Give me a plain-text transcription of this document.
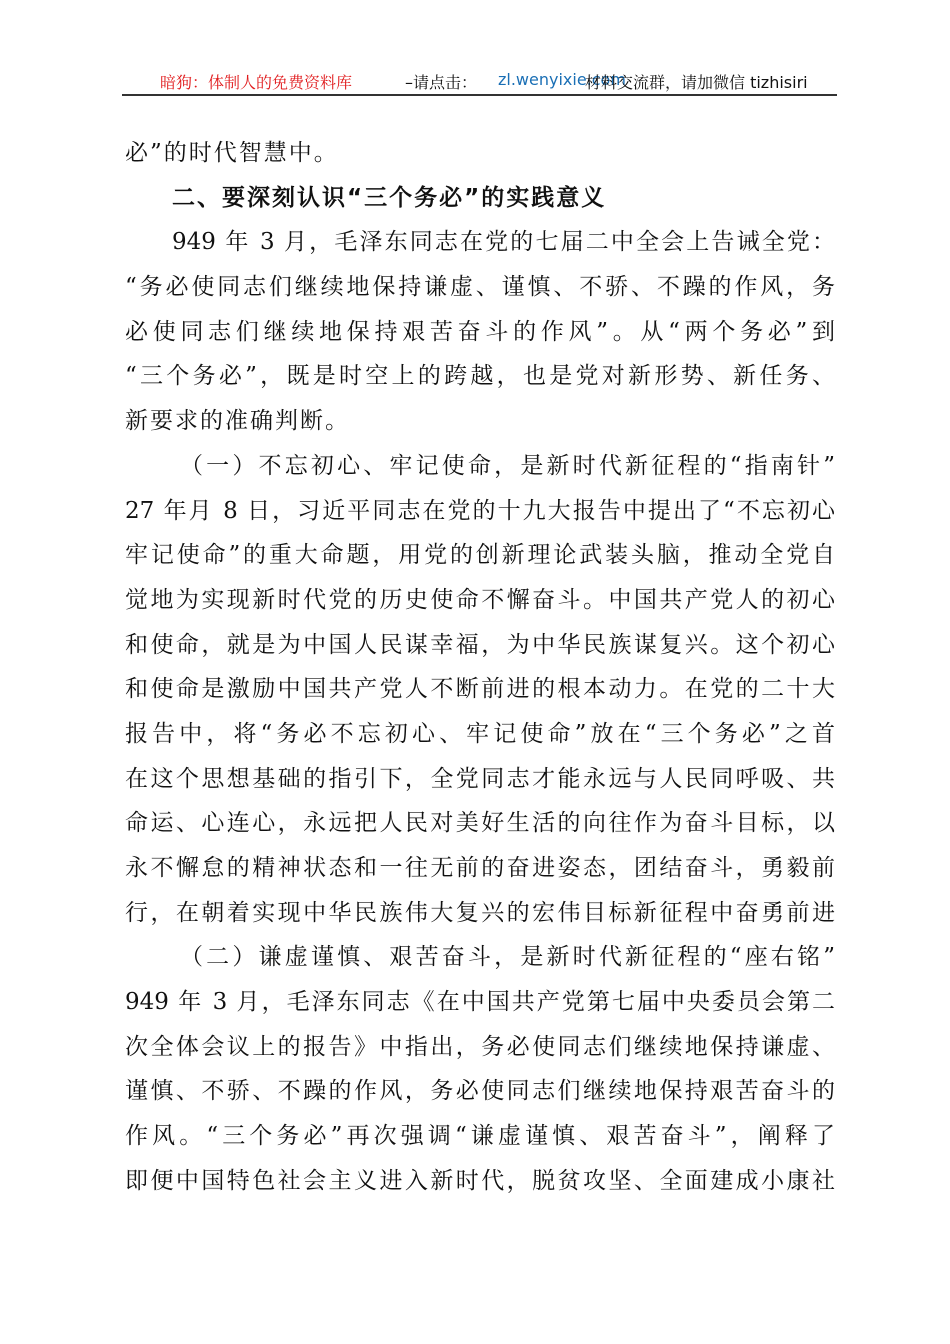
暗狗：体制人的免费资料库	–请点击： zl.wenyixie.com
材料交流群，请加微信 tizhisiri
必”的时代智慧中。
二、要深刻认识“三个务必”的实践意义
949 年 3 月，毛泽东同志在党的七届二中全会上告诫全党：
“务必使同志们继续地保持谦虚、谨慎、不骄、不躁的作风，务
必使同志们继续地保持艰苦奋斗的作风”。从“两个务必”到
“三个务必”，既是时空上的跨越，也是党对新形势、新任务、
新要求的准确判断。
（一）不忘初心、牢记使命，是新时代新征程的“指南针”
27 年月 8 日，习近平同志在党的十九大报告中提出了“不忘初心
牢记使命”的重大命题，用党的创新理论武装头脑，推动全党自
觉地为实现新时代党的历史使命不懈奋斗。中国共产党人的初心
和使命，就是为中国人民谋幸福，为中华民族谋复兴。这个初心
和使命是激励中国共产党人不断前进的根本动力。在党的二十大
报告中，将“务必不忘初心、牢记使命”放在“三个务必”之首
在这个思想基础的指引下，全党同志才能永远与人民同呼吸、共
命运、心连心，永远把人民对美好生活的向往作为奋斗目标，以
永不懈怠的精神状态和一往无前的奋进姿态，团结奋斗，勇毅前
行，在朝着实现中华民族伟大复兴的宏伟目标新征程中奋勇前进
（二）谦虚谨慎、艰苦奋斗，是新时代新征程的“座右铭”
949 年 3 月，毛泽东同志《在中国共产党第七届中央委员会第二
次全体会议上的报告》中指出，务必使同志们继续地保持谦虚、
谨慎、不骄、不躁的作风，务必使同志们继续地保持艰苦奋斗的
作风。“三个务必”再次强调“谦虚谨慎、艰苦奋斗”，阐释了
即便中国特色社会主义进入新时代，脱贫攻坚、全面建成小康社
